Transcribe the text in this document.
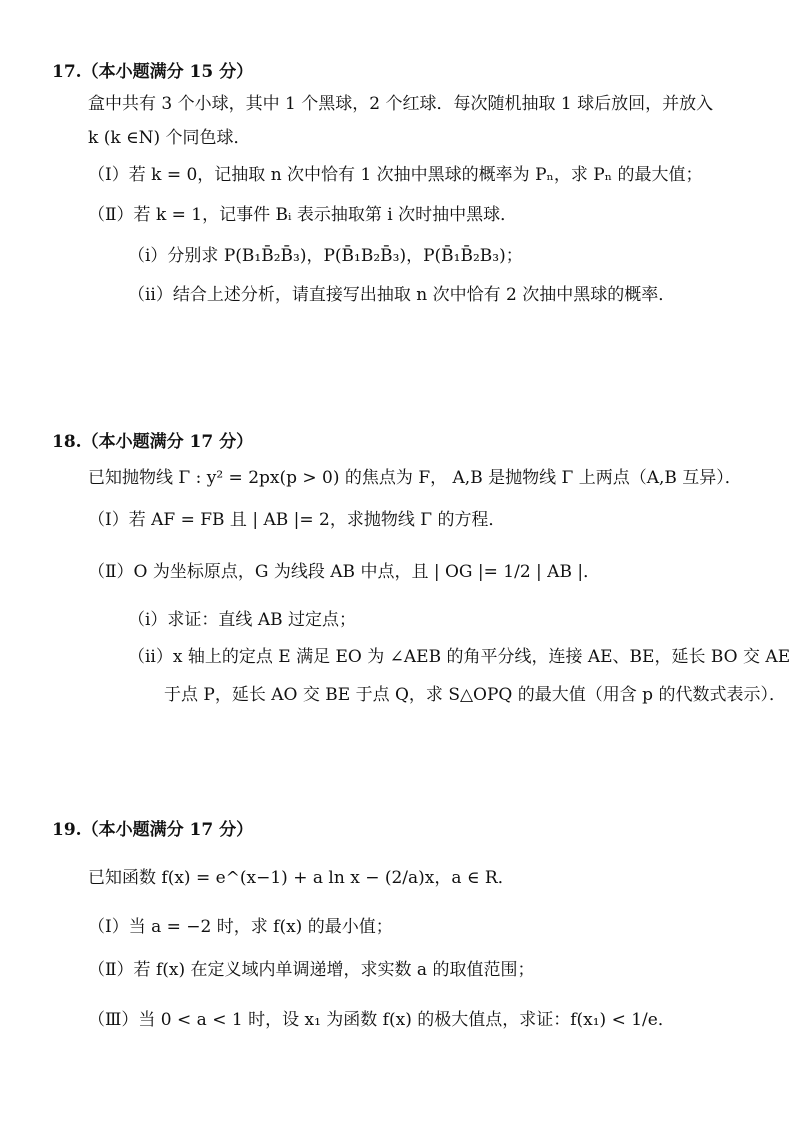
17.（本小题满分 15 分）
盒中共有 3 个小球，其中 1 个黑球，2 个红球．每次随机抽取 1 球后放回，并放入
k (k ∈N) 个同色球．
（Ⅰ）若 k = 0，记抽取 n 次中恰有 1 次抽中黑球的概率为 Pₙ，求 Pₙ 的最大值；
（Ⅱ）若 k = 1，记事件 Bᵢ 表示抽取第 i 次时抽中黑球．
（i）分别求 P(B₁B̄₂B̄₃)，P(B̄₁B₂B̄₃)，P(B̄₁B̄₂B₃)；
（ii）结合上述分析，请直接写出抽取 n 次中恰有 2 次抽中黑球的概率．
18.（本小题满分 17 分）
已知抛物线 Γ : y² = 2px(p > 0) 的焦点为 F， A,B 是抛物线 Γ 上两点（A,B 互异）．
（Ⅰ）若 AF = FB 且 | AB |= 2，求抛物线 Γ 的方程．
（Ⅱ）O 为坐标原点，G 为线段 AB 中点，且 | OG |= 1/2 | AB |．
（i）求证：直线 AB 过定点；
（ii）x 轴上的定点 E 满足 EO 为 ∠AEB 的角平分线，连接 AE、BE，延长 BO 交 AE
于点 P，延长 AO 交 BE 于点 Q，求 S△OPQ 的最大值（用含 p 的代数式表示）．
19.（本小题满分 17 分）
已知函数 f(x) = e^(x−1) + a ln x − (2/a)x，a ∈ R．
（Ⅰ）当 a = −2 时，求 f(x) 的最小值；
（Ⅱ）若 f(x) 在定义域内单调递增，求实数 a 的取值范围；
（Ⅲ）当 0 < a < 1 时，设 x₁ 为函数 f(x) 的极大值点，求证：f(x₁) < 1/e．
